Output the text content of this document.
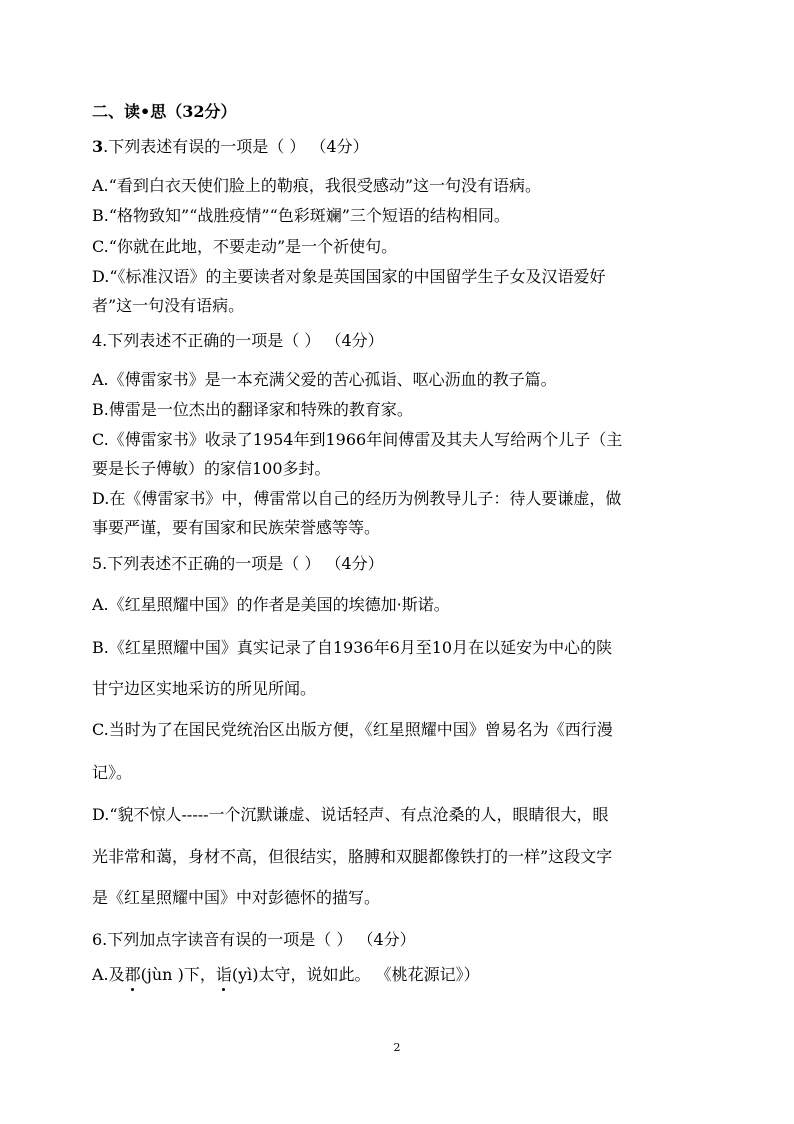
二、读•思（32分）
3.下列表述有误的一项是（ ） （4分）
A.“看到白衣天使们脸上的勒痕，我很受感动”这一句没有语病。
B.“格物致知”“战胜疫情”“色彩斑斓”三个短语的结构相同。
C.“你就在此地，不要走动”是一个祈使句。
D.“《标准汉语》的主要读者对象是英国国家的中国留学生子女及汉语爱好
者”这一句没有语病。
4.下列表述不正确的一项是（ ） （4分）
A.《傅雷家书》是一本充满父爱的苦心孤诣、呕心沥血的教子篇。
B.傅雷是一位杰出的翻译家和特殊的教育家。
C.《傅雷家书》收录了1954年到1966年间傅雷及其夫人写给两个儿子（主
要是长子傅敏）的家信100多封。
D.在《傅雷家书》中，傅雷常以自己的经历为例教导儿子：待人要谦虚，做
事要严谨，要有国家和民族荣誉感等等。
5.下列表述不正确的一项是（ ） （4分）
A.《红星照耀中国》的作者是美国的埃德加·斯诺。
B.《红星照耀中国》真实记录了自1936年6月至10月在以延安为中心的陕
甘宁边区实地采访的所见所闻。
C.当时为了在国民党统治区出版方便，《红星照耀中国》曾易名为《西行漫
记》。
D.“貌不惊人-----一个沉默谦虚、说话轻声、有点沧桑的人，眼睛很大，眼
光非常和蔼，身材不高，但很结实，胳膊和双腿都像铁打的一样”这段文字
是《红星照耀中国》中对彭德怀的描写。
6.下列加点字读音有误的一项是（ ） （4分）
A.及郡(jùn )下，诣(yì)太守，说如此。 《桃花源记》）
2
